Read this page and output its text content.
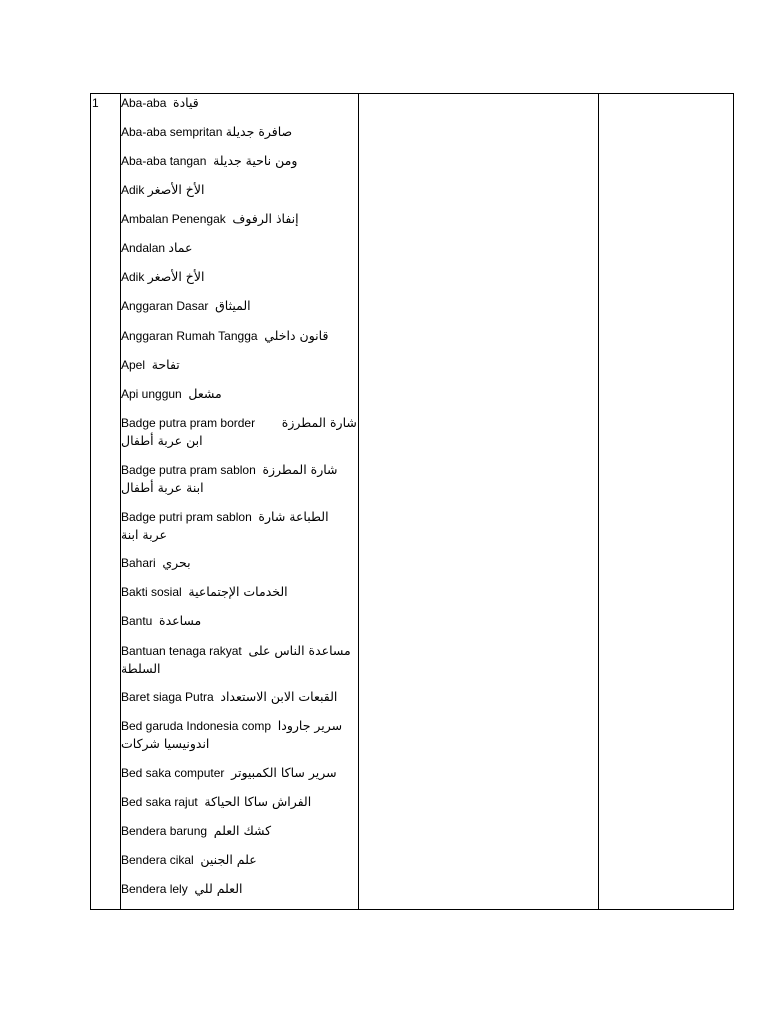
1	Aba-aba قيادة
Aba-aba sempritan صافرة جديلة
Aba-aba tangan ومن ناحية جديلة
Adik الأخ الأصغر
Ambalan Penengak إنفاذ الرفوف
Andalan عماد
Adik الأخ الأصغر
Anggaran Dasar الميثاق
Anggaran Rumah Tangga قانون داخلي
Apel تفاحة
Api unggun مشعل
Badge putra pram border شارة المطرزة ابن عربة أطفال
Badge putra pram sablon شارة المطرزة ابنة عربة أطفال
Badge putri pram sablon الطباعة شارة عربة ابنة
Bahari بحري
Bakti sosial الخدمات الإجتماعية
Bantu مساعدة
Bantuan tenaga rakyat مساعدة الناس على السلطة
Baret siaga Putra القبعات الابن الاستعداد
Bed garuda Indonesia comp سرير جارودا اندونيسيا شركات
Bed saka computer سرير ساكا الكمبيوتر
Bed saka rajut الفراش ساكا الحياكة
Bendera barung كشك العلم
Bendera cikal علم الجنين
Bendera lely العلم للي
